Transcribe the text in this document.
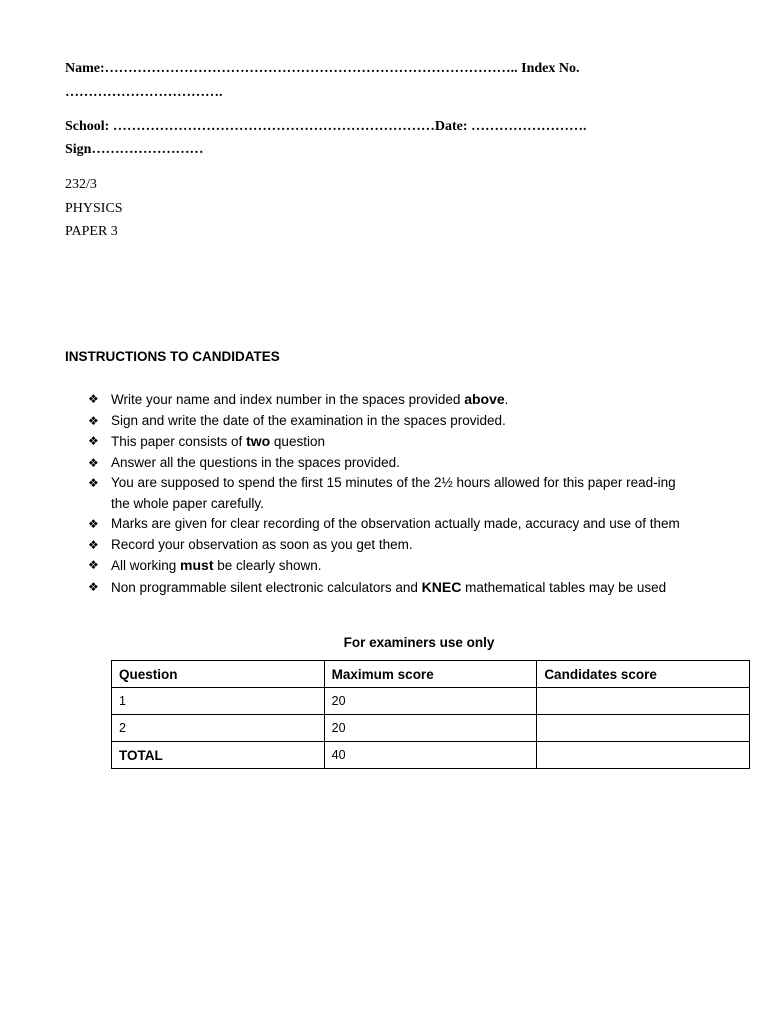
Name:…………………………………………………………………………….. Index No.
…………………………….
School: ……………………………………………………………Date: …………………….
Sign……………………
232/3
PHYSICS
PAPER 3
INSTRUCTIONS TO CANDIDATES
❖ Write your name and index number in the spaces provided above.
❖ Sign and write the date of the examination in the spaces provided.
❖ This paper consists of two question
❖ Answer all the questions in the spaces provided.
❖ You are supposed to spend the first 15 minutes of the 2½ hours allowed for this paper read-ing the whole paper carefully.
❖ Marks are given for clear recording of the observation actually made, accuracy and use of them
❖ Record your observation as soon as you get them.
❖ All working must be clearly shown.
❖ Non programmable silent electronic calculators and KNEC mathematical tables may be used
For examiners use only
Question	Maximum score	Candidates score
1	20	
2	20	
TOTAL	40	
